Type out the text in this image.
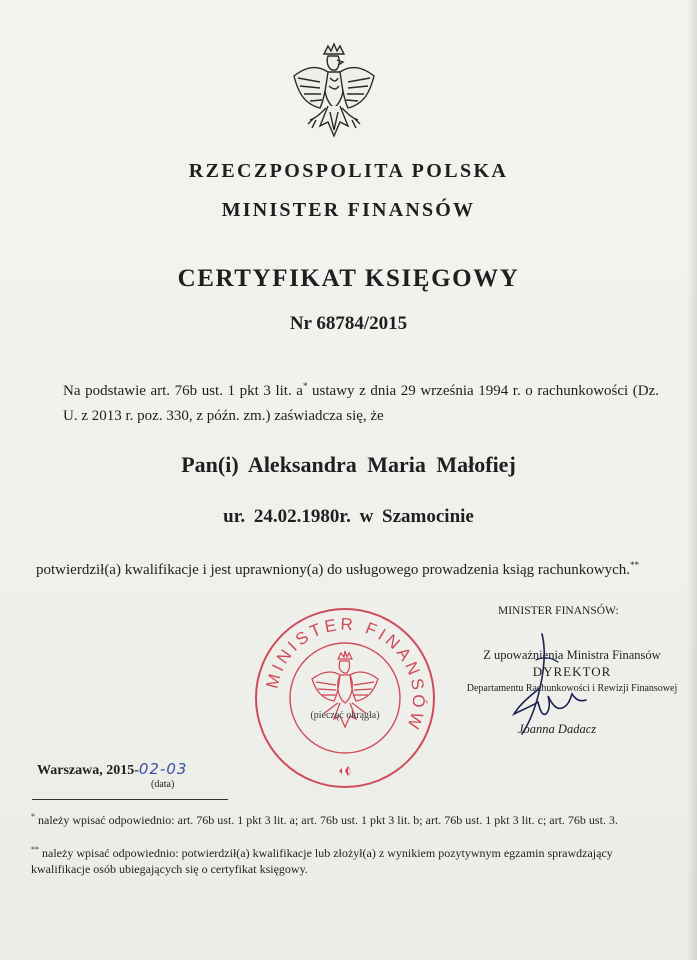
RZECZPOSPOLITA POLSKA
MINISTER FINANSÓW
CERTYFIKAT KSIĘGOWY
Nr 68784/2015
Na podstawie art. 76b ust. 1 pkt 3 lit. a* ustawy z dnia 29 września 1994 r. o rachunkowości (Dz. U. z 2013 r. poz. 330, z późn. zm.) zaświadcza się, że
Pan(i) Aleksandra Maria Małofiej
ur. 24.02.1980r. w Szamocinie
potwierdził(a) kwalifikacje i jest uprawniony(a) do usługowego prowadzenia ksiąg rachunkowych.**
MINISTER FINANSÓW:
MINISTER FINANSÓW
(pieczęć okrągła)
Z upoważnienia Ministra Finansów
DYREKTOR
Departamentu Rachunkowości i Rewizji Finansowej
Joanna Dadacz
Warszawa, 2015-02-03
(data)
* należy wpisać odpowiednio: art. 76b ust. 1 pkt 3 lit. a; art. 76b ust. 1 pkt 3 lit. b; art. 76b ust. 1 pkt 3 lit. c; art. 76b ust. 3.
** należy wpisać odpowiednio: potwierdził(a) kwalifikacje lub złożył(a) z wynikiem pozytywnym egzamin sprawdzający kwalifikacje osób ubiegających się o certyfikat księgowy.
